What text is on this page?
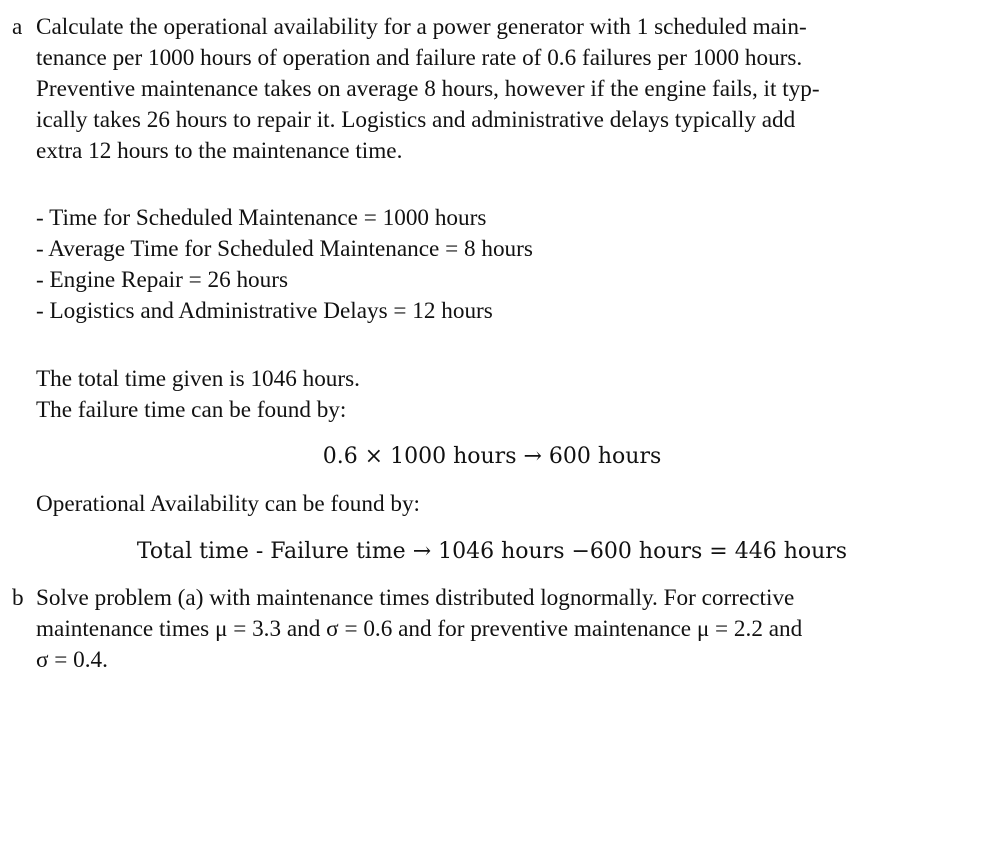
a Calculate the operational availability for a power generator with 1 scheduled main-
tenance per 1000 hours of operation and failure rate of 0.6 failures per 1000 hours.
Preventive maintenance takes on average 8 hours, however if the engine fails, it typ-
ically takes 26 hours to repair it. Logistics and administrative delays typically add
extra 12 hours to the maintenance time.
- Time for Scheduled Maintenance = 1000 hours
- Average Time for Scheduled Maintenance = 8 hours
- Engine Repair = 26 hours
- Logistics and Administrative Delays = 12 hours
The total time given is 1046 hours.
The failure time can be found by:
0.6 × 1000 hours → 600 hours
Operational Availability can be found by:
Total time - Failure time → 1046 hours −600 hours = 446 hours
b Solve problem (a) with maintenance times distributed lognormally. For corrective
maintenance times μ = 3.3 and σ = 0.6 and for preventive maintenance μ = 2.2 and
σ = 0.4.
